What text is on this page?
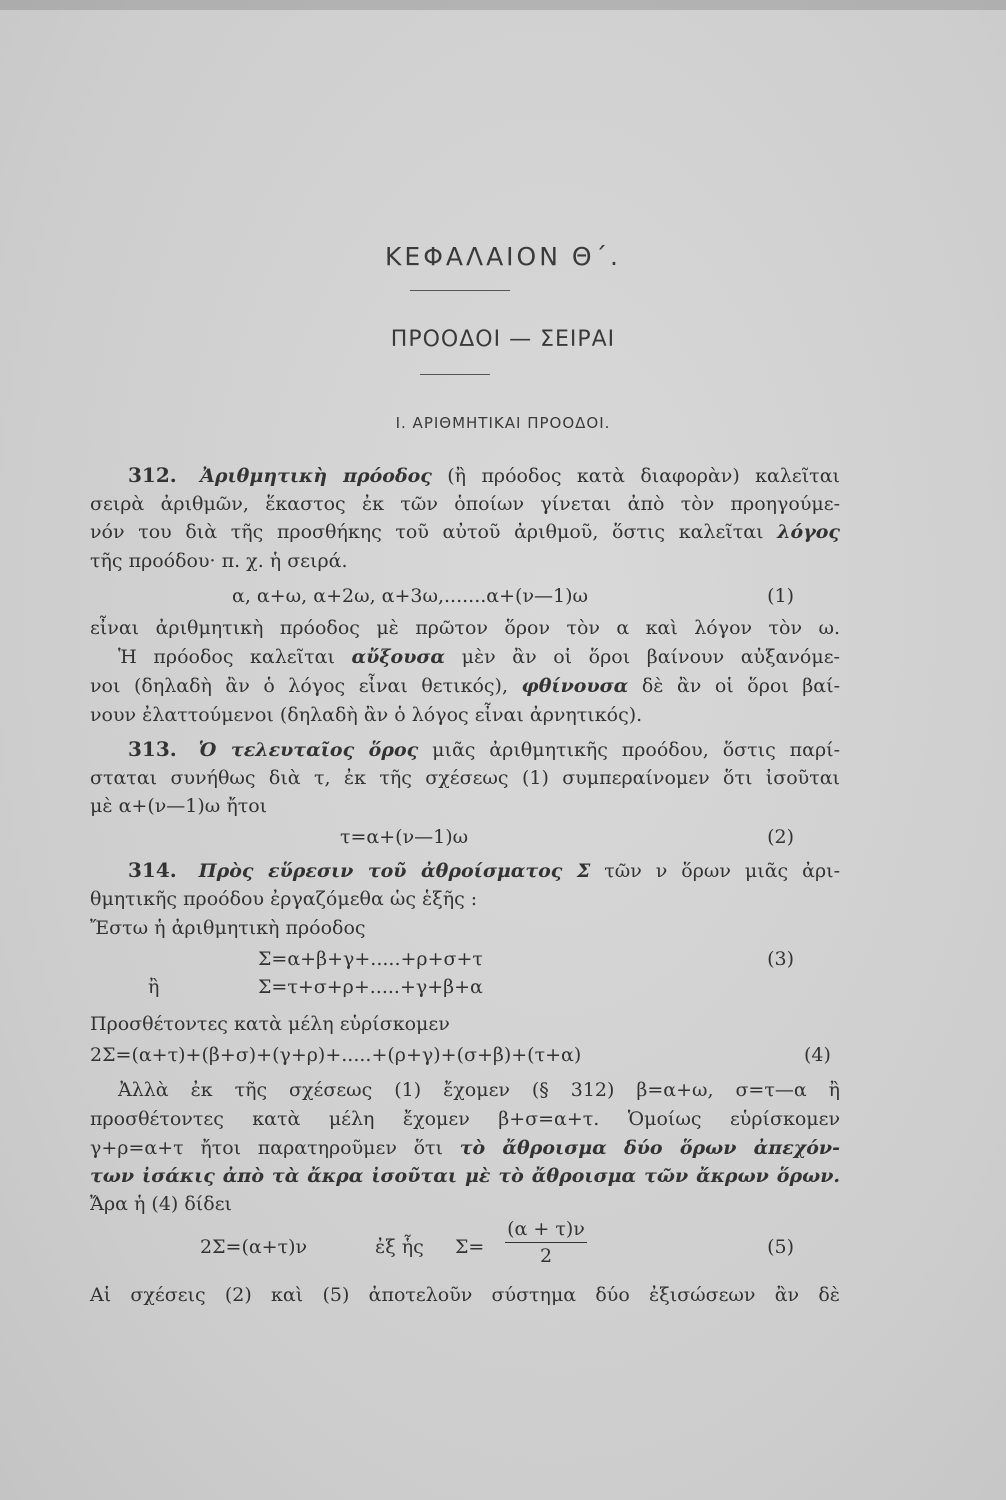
ΚΕΦΑΛΑΙΟΝ Θ΄.
ΠΡΟΟΔΟΙ — ΣΕΙΡΑΙ
Ι. ΑΡΙΘΜΗΤΙΚΑΙ ΠΡΟΟΔΟΙ.
312. Ἀριθμητικὴ πρόοδος (ἢ πρόοδος κατὰ διαφορὰν) καλεῖται
σειρὰ ἀριθμῶν, ἕκαστος ἐκ τῶν ὁποίων γίνεται ἀπὸ τὸν προηγούμε-
νόν του διὰ τῆς προσθήκης τοῦ αὐτοῦ ἀριθμοῦ, ὅστις καλεῖται λόγος
τῆς προόδου· π. χ. ἡ σειρά.
α, α+ω, α+2ω, α+3ω,.......α+(ν—1)ω	(1)
εἶναι ἀριθμητικὴ πρόοδος μὲ πρῶτον ὅρον τὸν α καὶ λόγον τὸν ω.
Ἡ πρόοδος καλεῖται αὔξουσα μὲν ἂν οἱ ὅροι βαίνουν αὐξανόμε-
νοι (δηλαδὴ ἂν ὁ λόγος εἶναι θετικός), φθίνουσα δὲ ἂν οἱ ὅροι βαί-
νουν ἐλαττούμενοι (δηλαδὴ ἂν ὁ λόγος εἶναι ἀρνητικός).
313. Ὁ τελευταῖος ὅρος μιᾶς ἀριθμητικῆς προόδου, ὅστις παρί-
σταται συνήθως διὰ τ, ἐκ τῆς σχέσεως (1) συμπεραίνομεν ὅτι ἰσοῦται
μὲ α+(ν—1)ω ἤτοι
τ=α+(ν—1)ω	(2)
314. Πρὸς εὕρεσιν τοῦ ἀθροίσματος Σ τῶν ν ὅρων μιᾶς ἀρι-
θμητικῆς προόδου ἐργαζόμεθα ὡς ἑξῆς :
Ἔστω ἡ ἀριθμητικὴ πρόοδος
Σ=α+β+γ+.....+ρ+σ+τ	(3)
ἢ	Σ=τ+σ+ρ+.....+γ+β+α
Προσθέτοντες κατὰ μέλη εὑρίσκομεν
2Σ=(α+τ)+(β+σ)+(γ+ρ)+.....+(ρ+γ)+(σ+β)+(τ+α)	(4)
Ἀλλὰ ἐκ τῆς σχέσεως (1) ἔχομεν (§ 312) β=α+ω, σ=τ—α ἢ
προσθέτοντες κατὰ μέλη ἔχομεν β+σ=α+τ. Ὁμοίως εὑρίσκομεν
γ+ρ=α+τ ἤτοι παρατηροῦμεν ὅτι τὸ ἄθροισμα δύο ὅρων ἀπεχόν-
των ἰσάκις ἀπὸ τὰ ἄκρα ἰσοῦται μὲ τὸ ἄθροισμα τῶν ἄκρων ὅρων.
Ἄρα ἡ (4) δίδει
2Σ=(α+τ)ν	ἐξ ἧς Σ=
(α + τ)ν
2	(5)
Αἱ σχέσεις (2) καὶ (5) ἀποτελοῦν σύστημα δύο ἐξισώσεων ἂν δὲ
